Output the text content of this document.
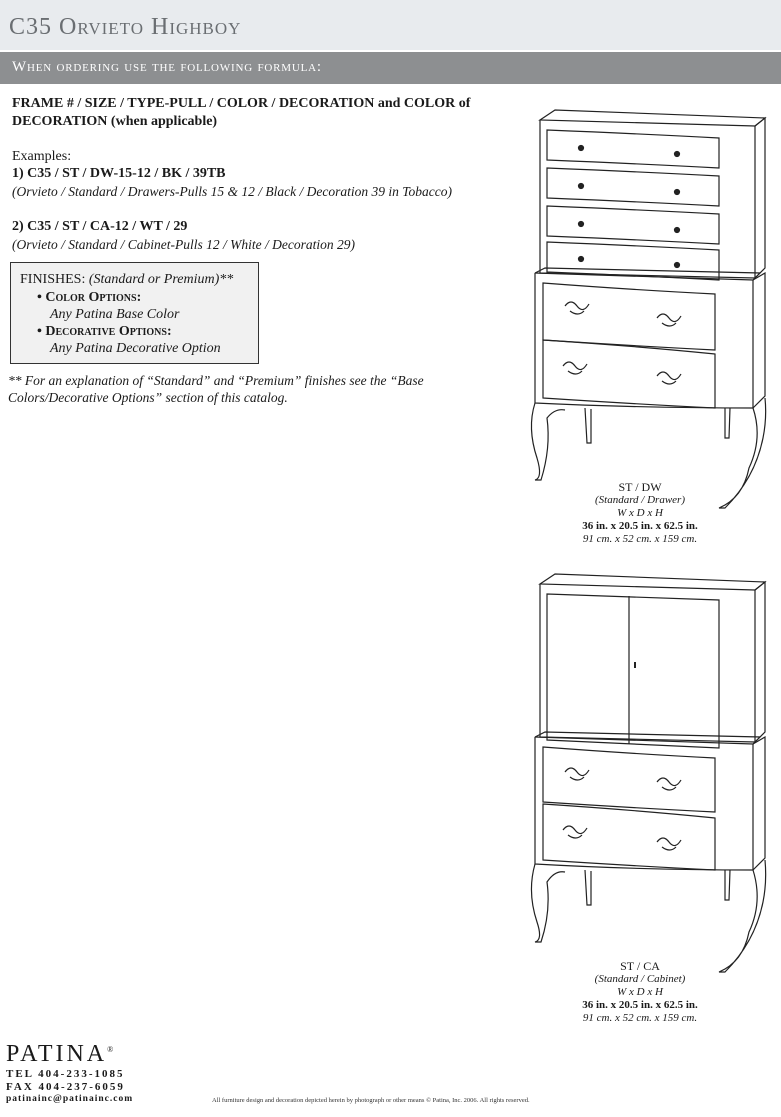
C35 Orvieto Highboy
When ordering use the following formula:
FRAME # / SIZE / TYPE-PULL / COLOR / DECORATION and COLOR of DECORATION (when applicable)
Examples:
1) C35 / ST / DW-15-12 / BK / 39TB
(Orvieto / Standard / Drawers-Pulls 15 & 12 / Black / Decoration 39 in Tobacco)
2) C35 / ST / CA-12 / WT / 29
(Orvieto / Standard / Cabinet-Pulls 12 / White / Decoration 29)
FINISHES: (Standard or Premium)**
• Color Options:
Any Patina Base Color
• Decorative Options:
Any Patina Decorative Option
** For an explanation of “Standard” and “Premium” finishes see the “Base Colors/Decorative Options” section of this catalog.
ST / DW
(Standard / Drawer)
W x D x H
36 in. x 20.5 in. x 62.5 in.
91 cm. x 52 cm. x 159 cm.
ST / CA
(Standard / Cabinet)
W x D x H
36 in. x 20.5 in. x 62.5 in.
91 cm. x 52 cm. x 159 cm.
PATINA®
TEL 404-233-1085
FAX 404-237-6059
patinainc@patinainc.com	All furniture design and decoration depicted herein by photograph or other means © Patina, Inc. 2006. All rights reserved.
